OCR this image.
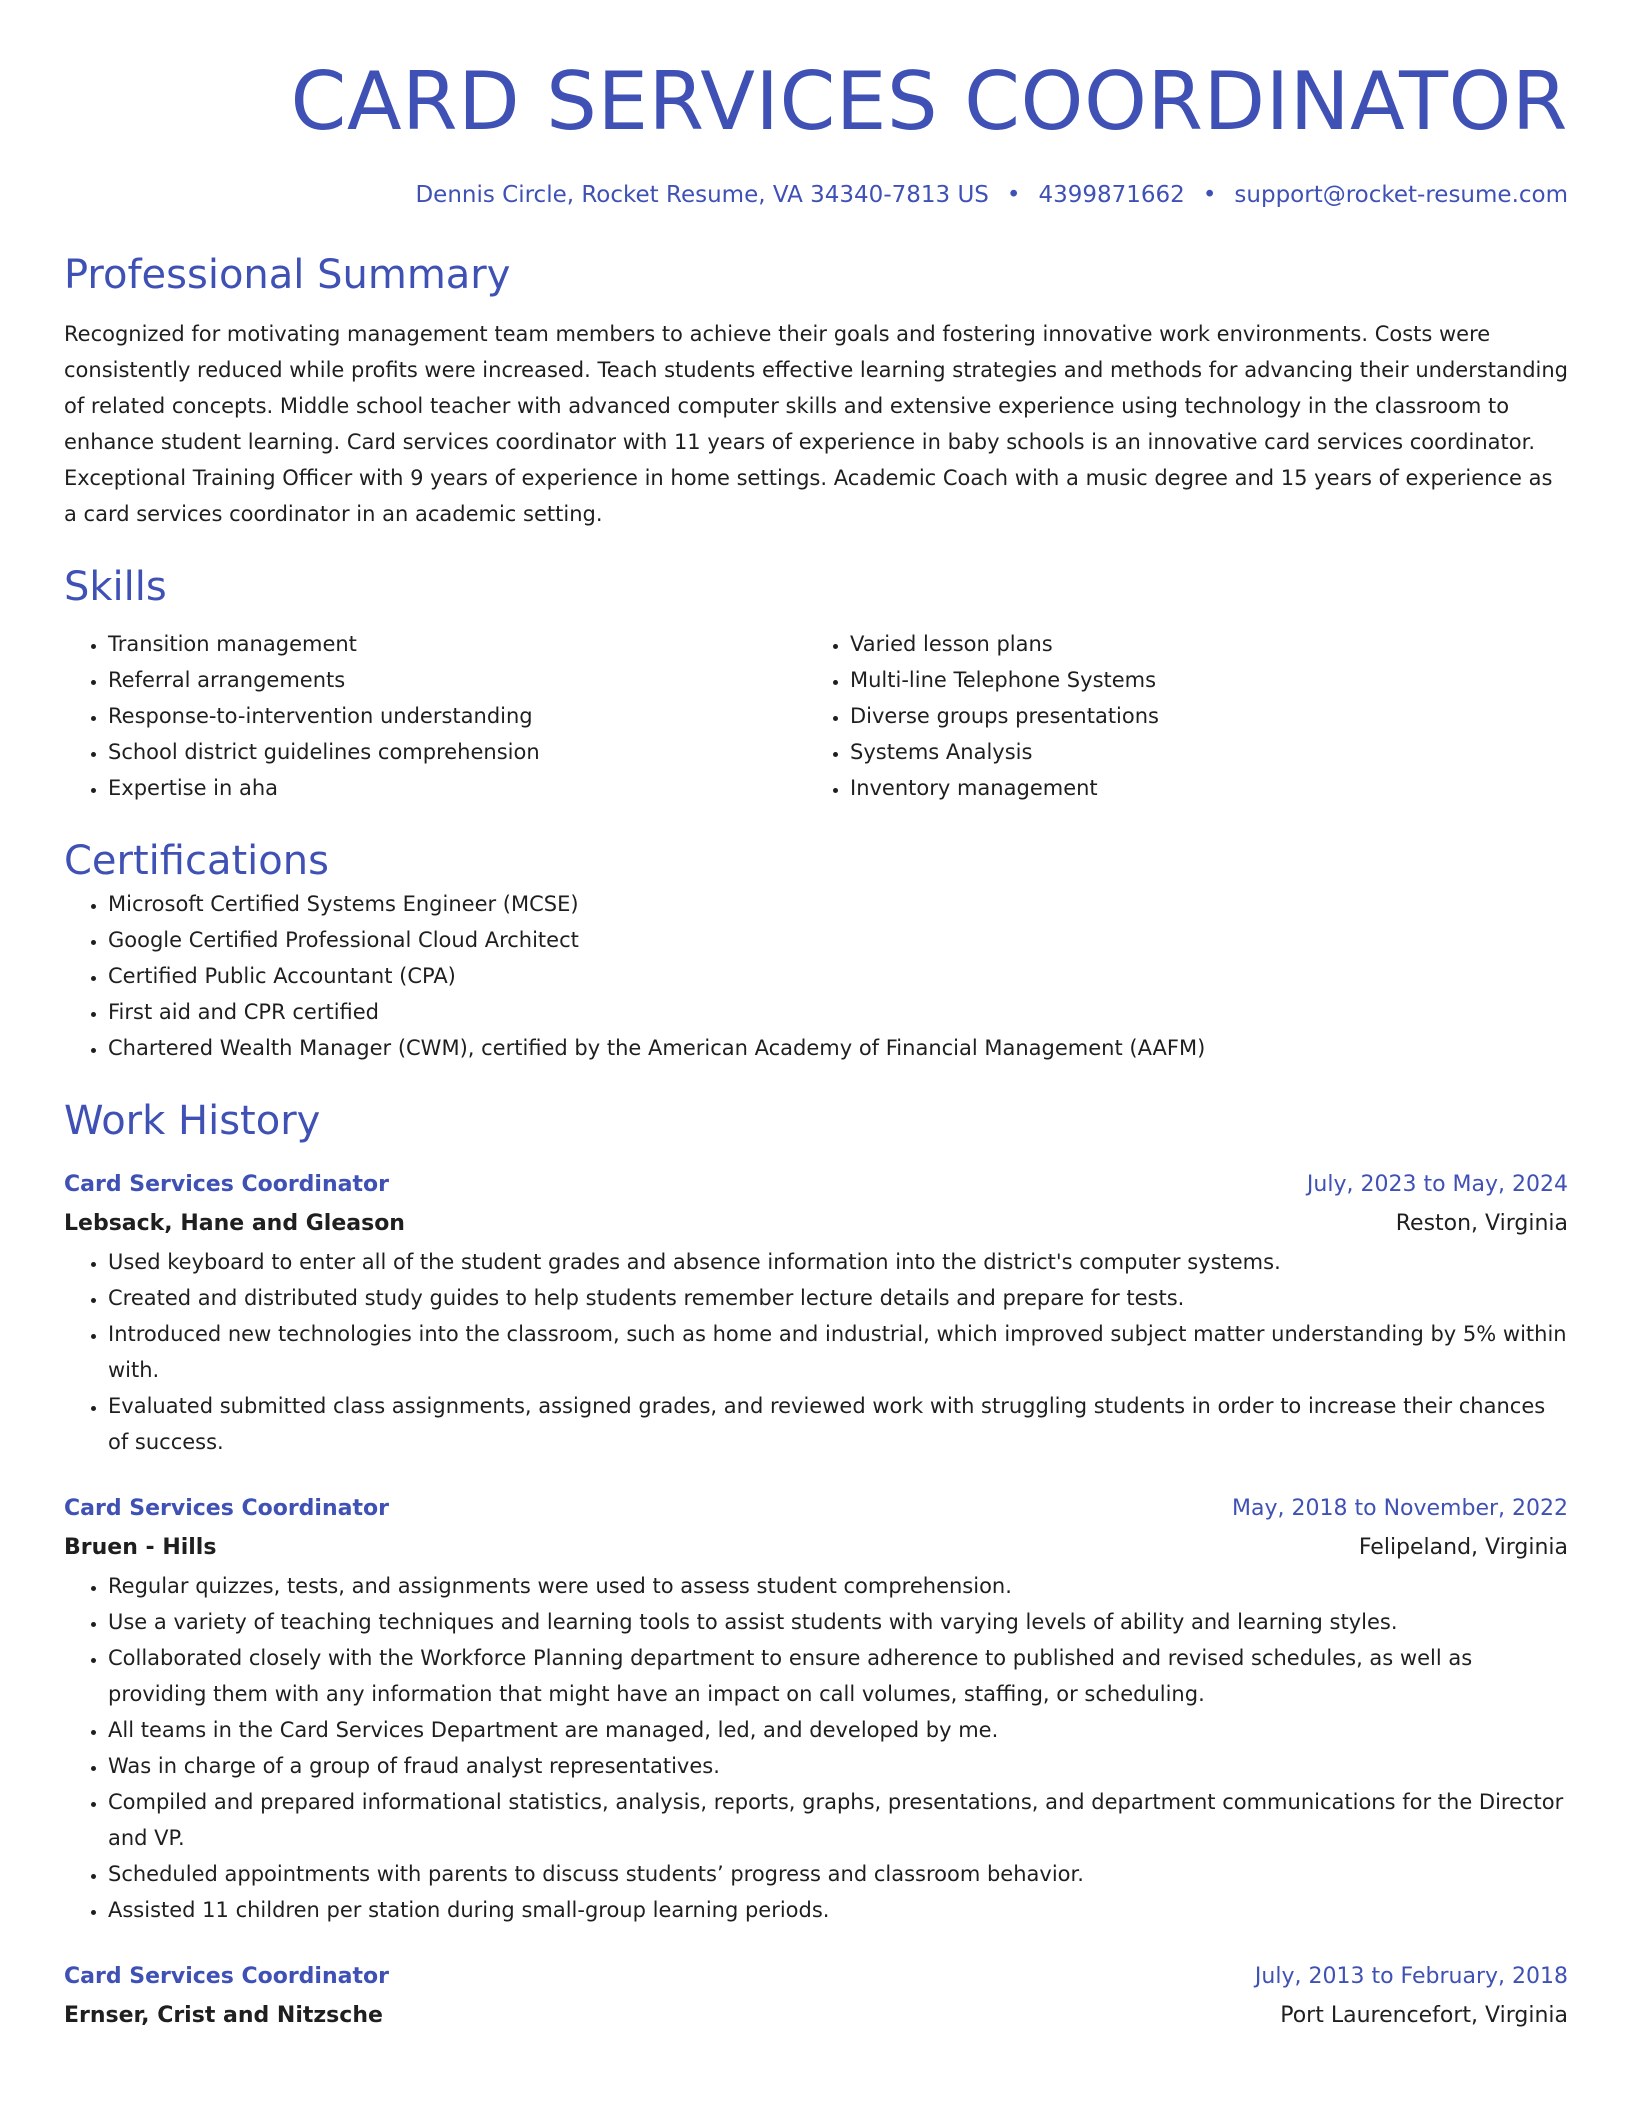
CARD SERVICES COORDINATOR
Dennis Circle, Rocket Resume, VA 34340-7813 US • 4399871662 • support@rocket-resume.com
Professional Summary

Recognized for motivating management team members to achieve their goals and fostering innovative work environments. Costs were consistently reduced while profits were increased. Teach students effective learning strategies and methods for advancing their understanding of related concepts. Middle school teacher with advanced computer skills and extensive experience using technology in the classroom to enhance student learning. Card services coordinator with 11 years of experience in baby schools is an innovative card services coordinator. Exceptional Training Officer with 9 years of experience in home settings. Academic Coach with a music degree and 15 years of experience as a card services coordinator in an academic setting.

Skills
• Transition management
• Referral arrangements
• Response-to-intervention understanding
• School district guidelines comprehension
• Expertise in aha
• Varied lesson plans
• Multi-line Telephone Systems
• Diverse groups presentations
• Systems Analysis
• Inventory management
Certifications
• Microsoft Certified Systems Engineer (MCSE)
• Google Certified Professional Cloud Architect
• Certified Public Accountant (CPA)
• First aid and CPR certified
• Chartered Wealth Manager (CWM), certified by the American Academy of Financial Management (AAFM)
Work History
Card Services Coordinator	July, 2023 to May, 2024
Lebsack, Hane and Gleason	Reston, Virginia
• Used keyboard to enter all of the student grades and absence information into the district's computer systems.
• Created and distributed study guides to help students remember lecture details and prepare for tests.
• Introduced new technologies into the classroom, such as home and industrial, which improved subject matter understanding by 5% within with.
• Evaluated submitted class assignments, assigned grades, and reviewed work with struggling students in order to increase their chances of success.
Card Services Coordinator	May, 2018 to November, 2022
Bruen - Hills	Felipeland, Virginia
• Regular quizzes, tests, and assignments were used to assess student comprehension.
• Use a variety of teaching techniques and learning tools to assist students with varying levels of ability and learning styles.
• Collaborated closely with the Workforce Planning department to ensure adherence to published and revised schedules, as well as providing them with any information that might have an impact on call volumes, staffing, or scheduling.
• All teams in the Card Services Department are managed, led, and developed by me.
• Was in charge of a group of fraud analyst representatives.
• Compiled and prepared informational statistics, analysis, reports, graphs, presentations, and department communications for the Director and VP.
• Scheduled appointments with parents to discuss students’ progress and classroom behavior.
• Assisted 11 children per station during small-group learning periods.
Card Services Coordinator	July, 2013 to February, 2018
Ernser, Crist and Nitzsche	Port Laurencefort, Virginia
